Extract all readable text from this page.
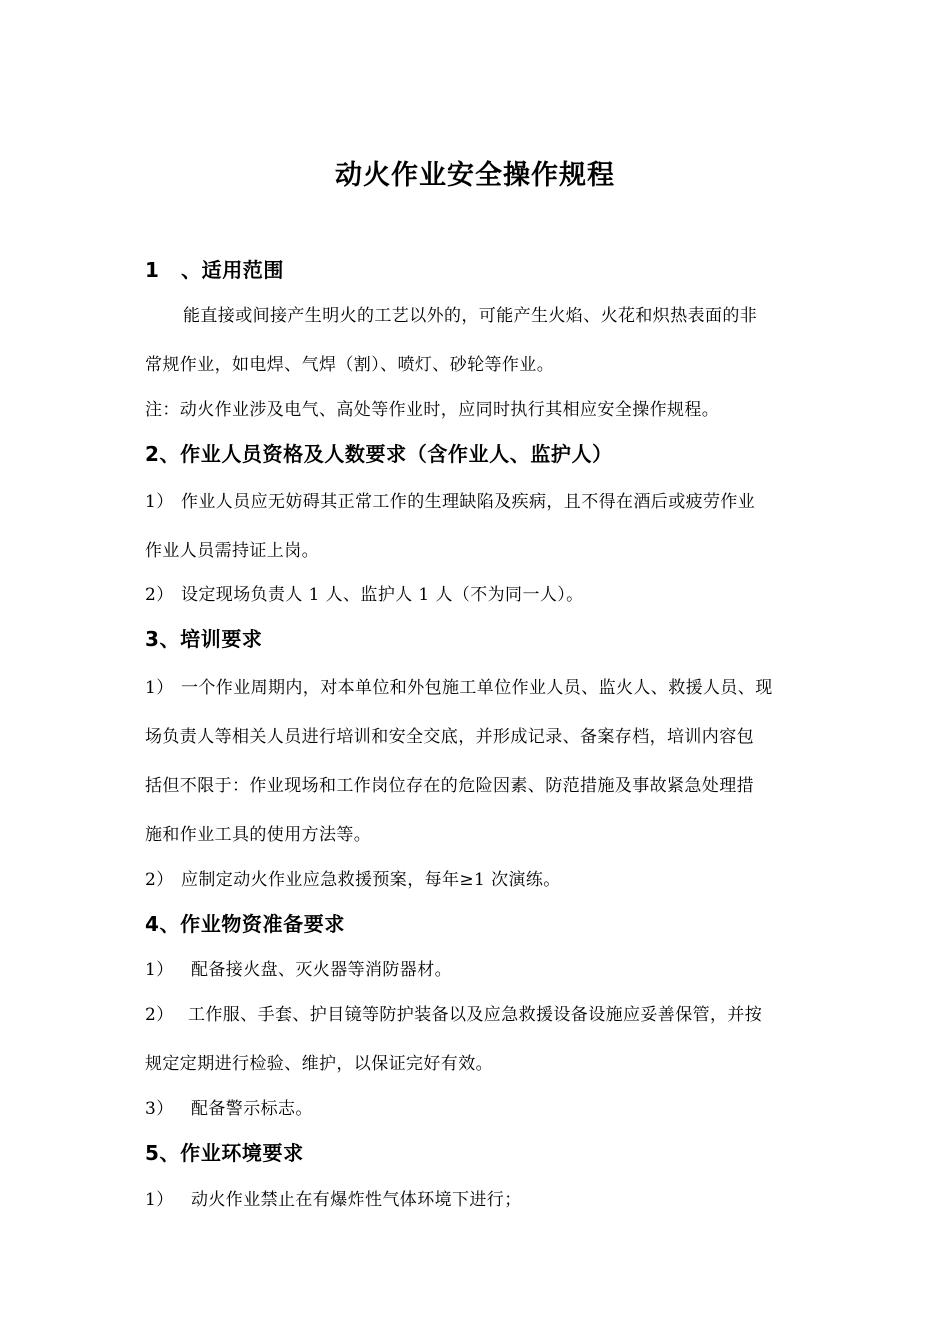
动火作业安全操作规程
1 、适用范围
能直接或间接产生明火的工艺以外的，可能产生火焰、火花和炽热表面的非
常规作业，如电焊、气焊（割）、喷灯、砂轮等作业。
注：动火作业涉及电气、高处等作业时，应同时执行其相应安全操作规程。
2、作业人员资格及人数要求（含作业人、监护人）
1） 作业人员应无妨碍其正常工作的生理缺陷及疾病，且不得在酒后或疲劳作业
作业人员需持证上岗。
2） 设定现场负责人 1 人、监护人 1 人（不为同一人）。
3、培训要求
1） 一个作业周期内，对本单位和外包施工单位作业人员、监火人、救援人员、现
场负责人等相关人员进行培训和安全交底，并形成记录、备案存档，培训内容包
括但不限于：作业现场和工作岗位存在的危险因素、防范措施及事故紧急处理措
施和作业工具的使用方法等。
2） 应制定动火作业应急救援预案，每年≥1 次演练。
4、作业物资准备要求
1） 配备接火盘、灭火器等消防器材。
2） 工作服、手套、护目镜等防护装备以及应急救援设备设施应妥善保管，并按
规定定期进行检验、维护，以保证完好有效。
3） 配备警示标志。
5、作业环境要求
1） 动火作业禁止在有爆炸性气体环境下进行；
